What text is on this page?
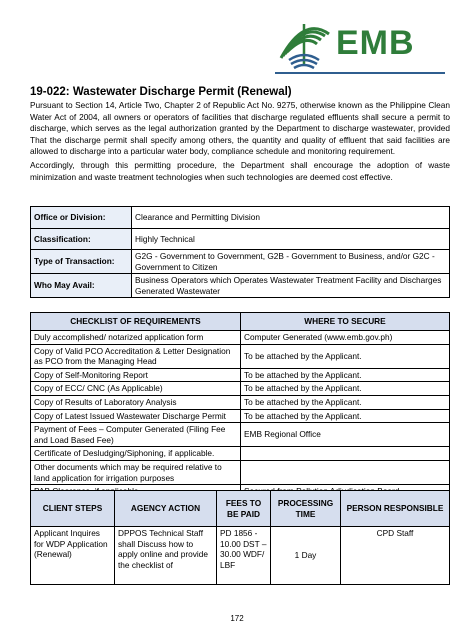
EMB
19-022: Wastewater Discharge Permit (Renewal)
Pursuant to Section 14, Article Two, Chapter 2 of Republic Act No. 9275, otherwise known as the Philippine Clean Water Act of 2004, all owners or operators of facilities that discharge regulated effluents shall secure a permit to discharge, which serves as the legal authorization granted by the Department to discharge wastewater, provided That the discharge permit shall specify among others, the quantity and quality of effluent that said facilities are allowed to discharge into a particular water body, compliance schedule and monitoring requirement.
Accordingly, through this permitting procedure, the Department shall encourage the adoption of waste minimization and waste treatment technologies when such technologies are deemed cost effective.
Office or Division:	Clearance and Permitting Division
Classification:	Highly Technical
Type of Transaction:	G2G - Government to Government, G2B - Government to Business, and/or G2C - Government to Citizen
Who May Avail:	Business Operators which Operates Wastewater Treatment Facility and Discharges Generated Wastewater
CHECKLIST OF REQUIREMENTS	WHERE TO SECURE
Duly accomplished/ notarized application form	Computer Generated (www.emb.gov.ph)
Copy of Valid PCO Accreditation & Letter Designation as PCO from the Managing Head	To be attached by the Applicant.
Copy of Self-Monitoring Report	To be attached by the Applicant.
Copy of ECC/ CNC (As Applicable)	To be attached by the Applicant.
Copy of Results of Laboratory Analysis	To be attached by the Applicant.
Copy of Latest Issued Wastewater Discharge Permit	To be attached by the Applicant.
Payment of Fees – Computer Generated (Filing Fee and Load Based Fee)	EMB Regional Office
Certificate of Desludging/Siphoning, if applicable.	
Other documents which may be required relative to land application for irrigation purposes	

CLIENT STEPS	AGENCY ACTION	FEES TO BE PAID	PROCESSING TIME	PERSON RESPONSIBLE
Applicant Inquires for WDP Application (Renewal)	DPPOS Technical Staff shall Discuss how to apply online and provide the checklist of	PD 1856 - 10.00 DST – 30.00 WDF/ LBF	1 Day	CPD Staff
172
